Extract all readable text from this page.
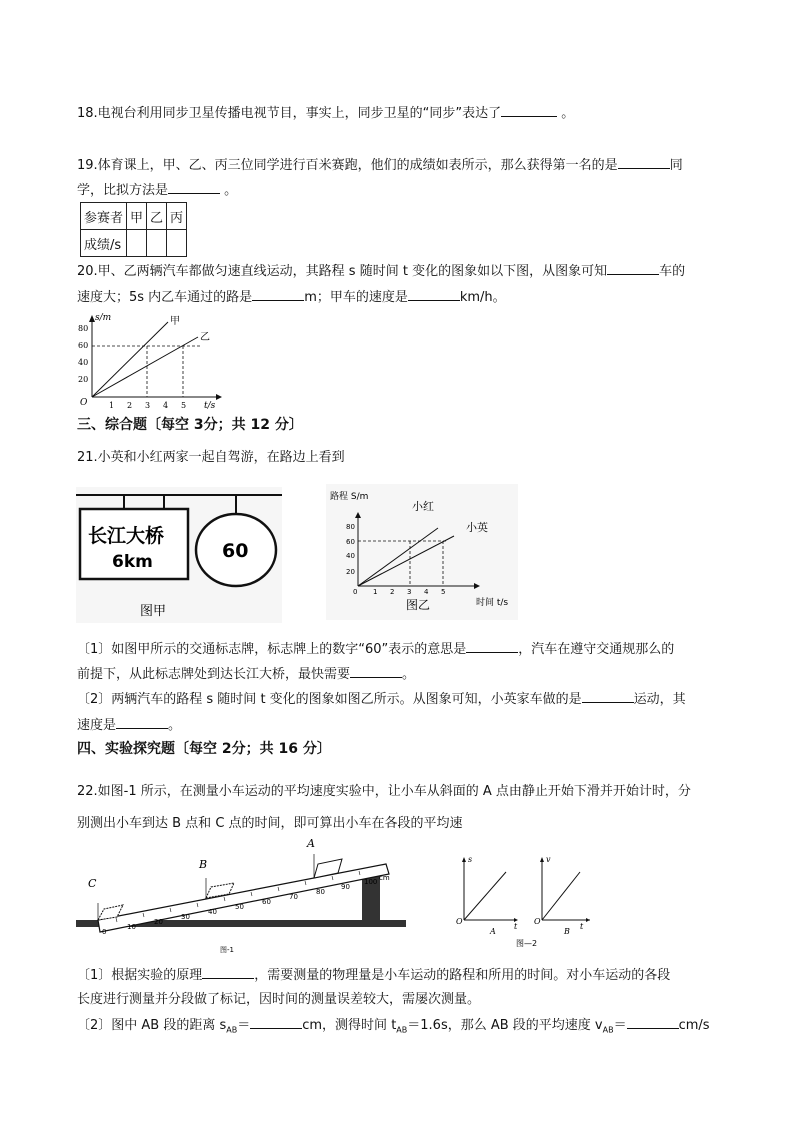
18.电视台利用同步卫星传播电视节目，事实上，同步卫星的“同步”表达了	。
19.体育课上，甲、乙、丙三位同学进行百米赛跑，他们的成绩如表所示，那么获得第一名的是	同
学，比拟方法是	。
参赛者	甲	乙	丙
成绩/s			
20.甲、乙两辆汽车都做匀速直线运动，其路程 s 随时间 t 变化的图象如以下图，从图象可知	车的
速度大；5s 内乙车通过的路是	m；甲车的速度是	km/h。
s/m
t/s
O
20
40
60
80
1 2 3 4 5
甲
乙
三、综合题〔每空 3分；共 12 分〕
21.小英和小红两家一起自驾游，在路边上看到
长江大桥
6km	60
图甲
路程 S/m
小红
小英
20
40
60
80
0 1 2 3 4 5
图乙	时间 t/s
〔1〕如图甲所示的交通标志牌，标志牌上的数字“60”表示的意思是	，汽车在遵守交通规那么的
前提下，从此标志牌处到达长江大桥，最快需要	。
〔2〕两辆汽车的路程 s 随时间 t 变化的图象如图乙所示。从图象可知，小英家车做的是	运动，其
速度是	。
四、实验探究题〔每空 2分；共 16 分〕
22.如图-1 所示，在测量小车运动的平均速度实验中，让小车从斜面的 A 点由静止开始下滑并开始计时，分
别测出小车到达 B 点和 C 点的时间，即可算出小车在各段的平均速
0
10
20
30
40
50
60
70
80
90
100 cm
C
B
A
图-1
s
t
O
A
v
t
O
B
图—2
〔1〕根据实验的原理	，需要测量的物理量是小车运动的路程和所用的时间。对小车运动的各段
长度进行测量并分段做了标记，因时间的测量误差较大，需屡次测量。
〔2〕图中 AB 段的距离 $s_{AB}=$	cm，测得时间 $t_{AB}=1.6s$，那么 AB 段的平均速度 $v_{AB}=$	cm/s
